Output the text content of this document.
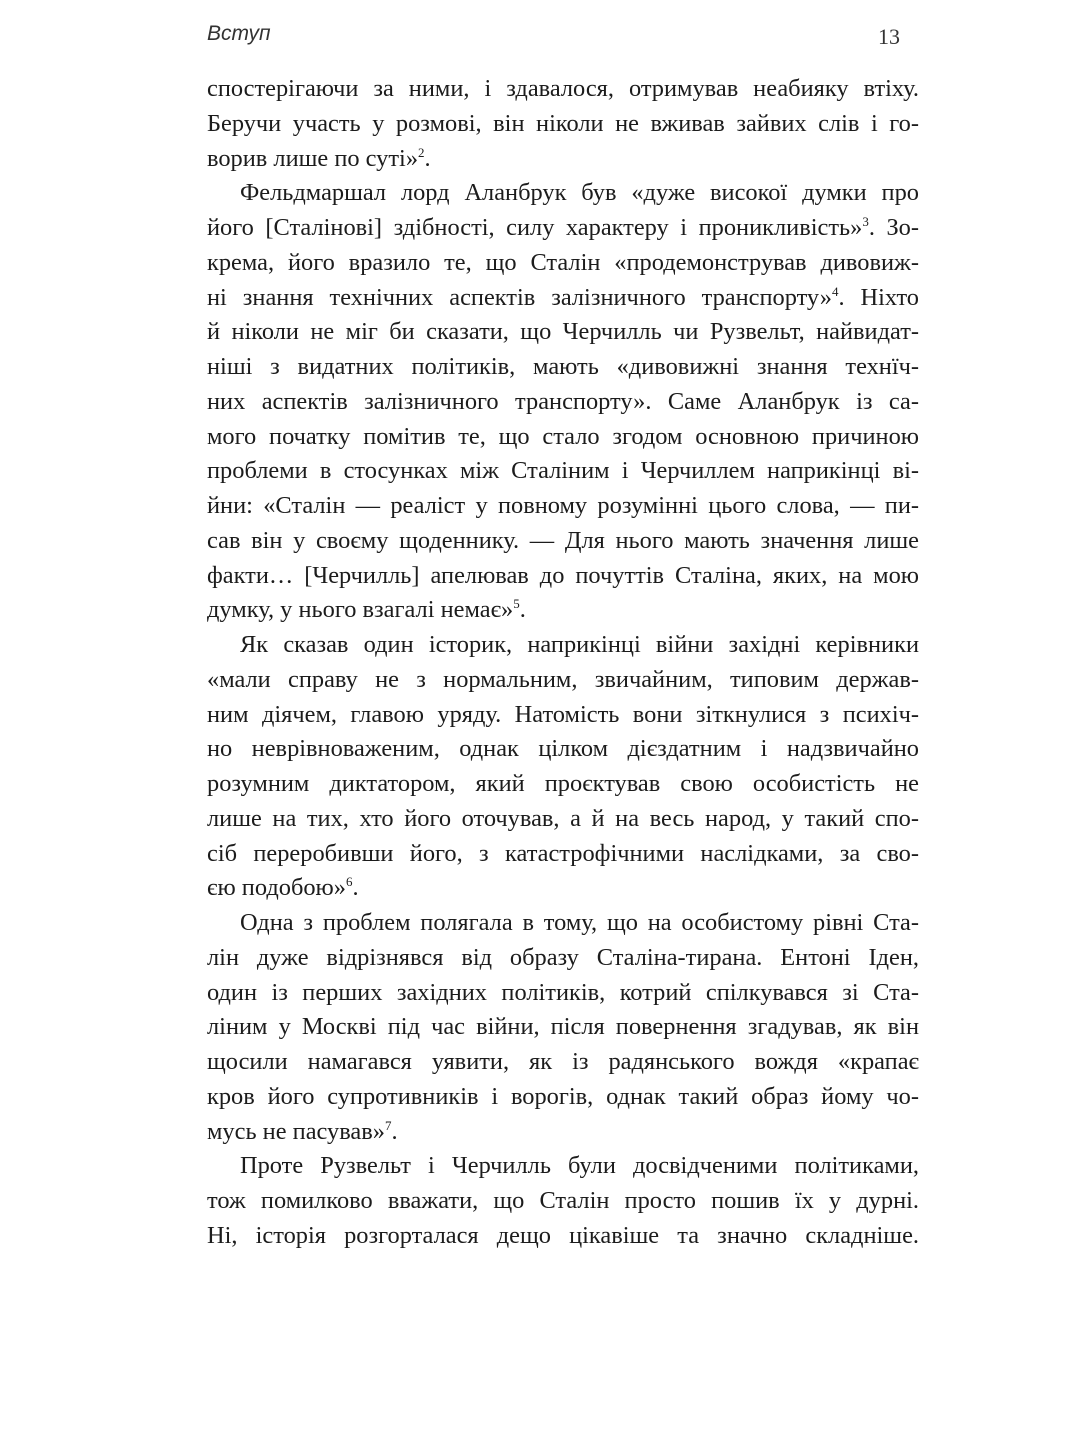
Вступ	13
спостерігаючи за ними, і здавалося, отримував неабияку втіху.
Беручи участь у розмові, він ніколи не вживав зайвих слів і го-
ворив лише по суті»$^2$.
Фельдмаршал лорд Аланбрук був «дуже високої думки про
його [Сталінові] здібності, силу характеру і проникливість»$^3$. Зо-
крема, його вразило те, що Сталін «продемонстрував дивовиж-
ні знання технічних аспектів залізничного транспорту»$^4$. Ніхто
й ніколи не міг би сказати, що Черчилль чи Рузвельт, найвидат-
ніші з видатних політиків, мають «дивовижні знання технїч-
них аспектів залізничного транспорту». Саме Аланбрук із са-
мого початку помітив те, що стало згодом основною причиною
проблеми в стосунках між Сталіним і Черчиллем наприкінці ві-
йни: «Сталін — реаліст у повному розумінні цього слова, — пи-
сав він у своєму щоденнику. — Для нього мають значення лише
факти… [Черчилль] апелював до почуттів Сталіна, яких, на мою
думку, у нього взагалі немає»$^5$.
Як сказав один історик, наприкінці війни західні керівники
«мали справу не з нормальним, звичайним, типовим держав-
ним діячем, главою уряду. Натомість вони зіткнулися з психіч-
но неврівноваженим, однак цілком дієздатним і надзвичайно
розумним диктатором, який проєктував свою особистість не
лише на тих, хто його оточував, а й на весь народ, у такий спо-
сіб переробивши його, з катастрофічними наслідками, за сво-
єю подобою»$^6$.
Одна з проблем полягала в тому, що на особистому рівні Ста-
лін дуже відрізнявся від образу Сталіна-тирана. Ентоні Іден,
один із перших західних політиків, котрий спілкувався зі Ста-
ліним у Москві під час війни, після повернення згадував, як він
щосили намагався уявити, як із радянського вождя «крапає
кров його супротивників і ворогів, однак такий образ йому чо-
мусь не пасував»$^7$.
Проте Рузвельт і Черчилль були досвідченими політиками,
тож помилково вважати, що Сталін просто пошив їх у дурні.
Ні, історія розгорталася дещо цікавіше та значно складніше.
